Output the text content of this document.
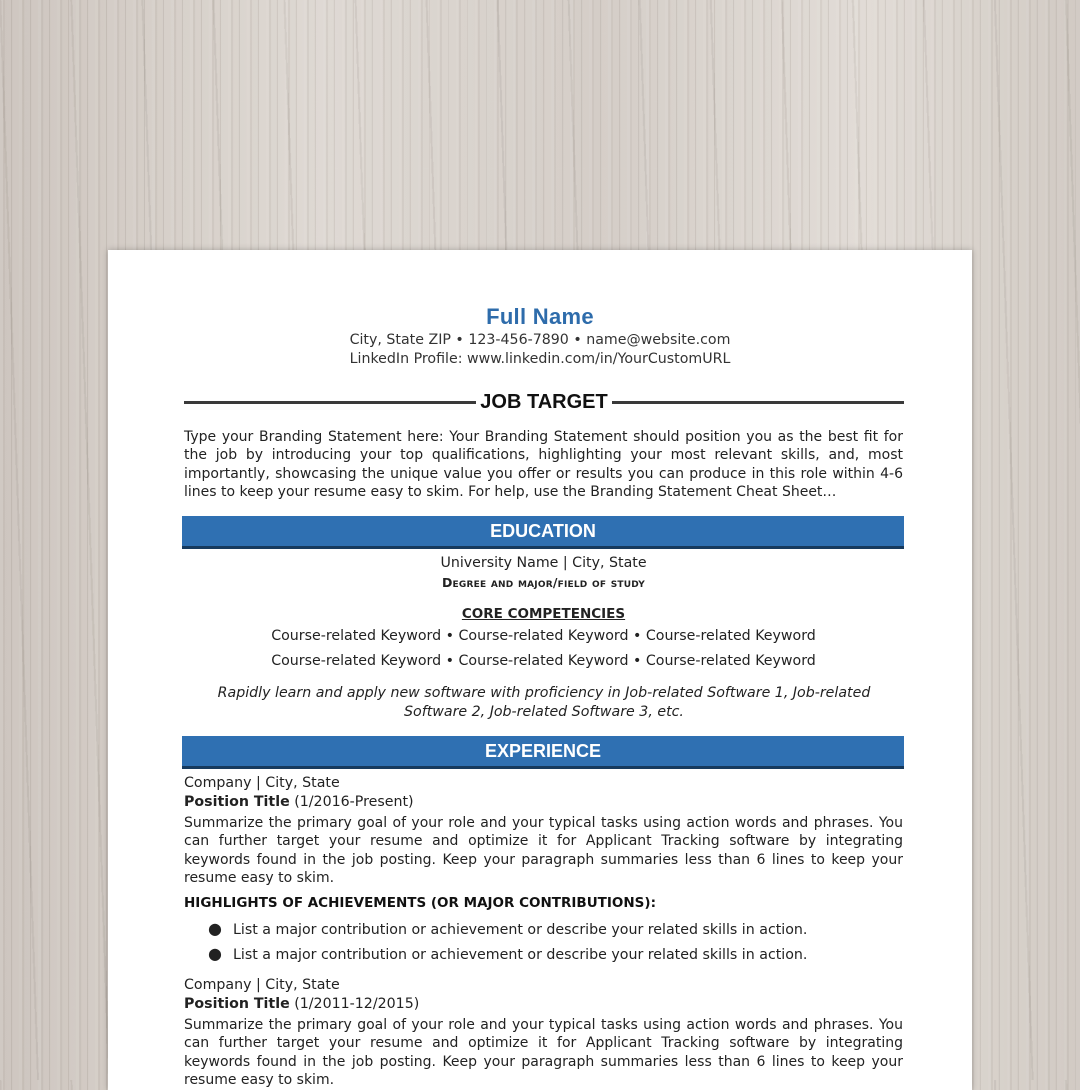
Full Name
City, State ZIP • 123-456-7890 • name@website.com
LinkedIn Profile: www.linkedin.com/in/YourCustomURL
JOB TARGET
Type your Branding Statement here: Your Branding Statement should position you as the best fit for the job by introducing your top qualifications, highlighting your most relevant skills, and, most importantly, showcasing the unique value you offer or results you can produce in this role within 4-6 lines to keep your resume easy to skim. For help, use the Branding Statement Cheat Sheet…
EDUCATION
University Name | City, State
Degree and major/field of study
CORE COMPETENCIES
Course-related Keyword • Course-related Keyword • Course-related Keyword
Course-related Keyword • Course-related Keyword • Course-related Keyword
Rapidly learn and apply new software with proficiency in Job-related Software 1, Job-related Software 2, Job-related Software 3, etc.
EXPERIENCE
Company | City, State
Position Title (1/2016-Present)
Summarize the primary goal of your role and your typical tasks using action words and phrases. You can further target your resume and optimize it for Applicant Tracking software by integrating keywords found in the job posting. Keep your paragraph summaries less than 6 lines to keep your resume easy to skim.
HIGHLIGHTS OF ACHIEVEMENTS (OR MAJOR CONTRIBUTIONS):
● List a major contribution or achievement or describe your related skills in action.
● List a major contribution or achievement or describe your related skills in action.
Company | City, State
Position Title (1/2011-12/2015)
Summarize the primary goal of your role and your typical tasks using action words and phrases. You can further target your resume and optimize it for Applicant Tracking software by integrating keywords found in the job posting. Keep your paragraph summaries less than 6 lines to keep your resume easy to skim.
